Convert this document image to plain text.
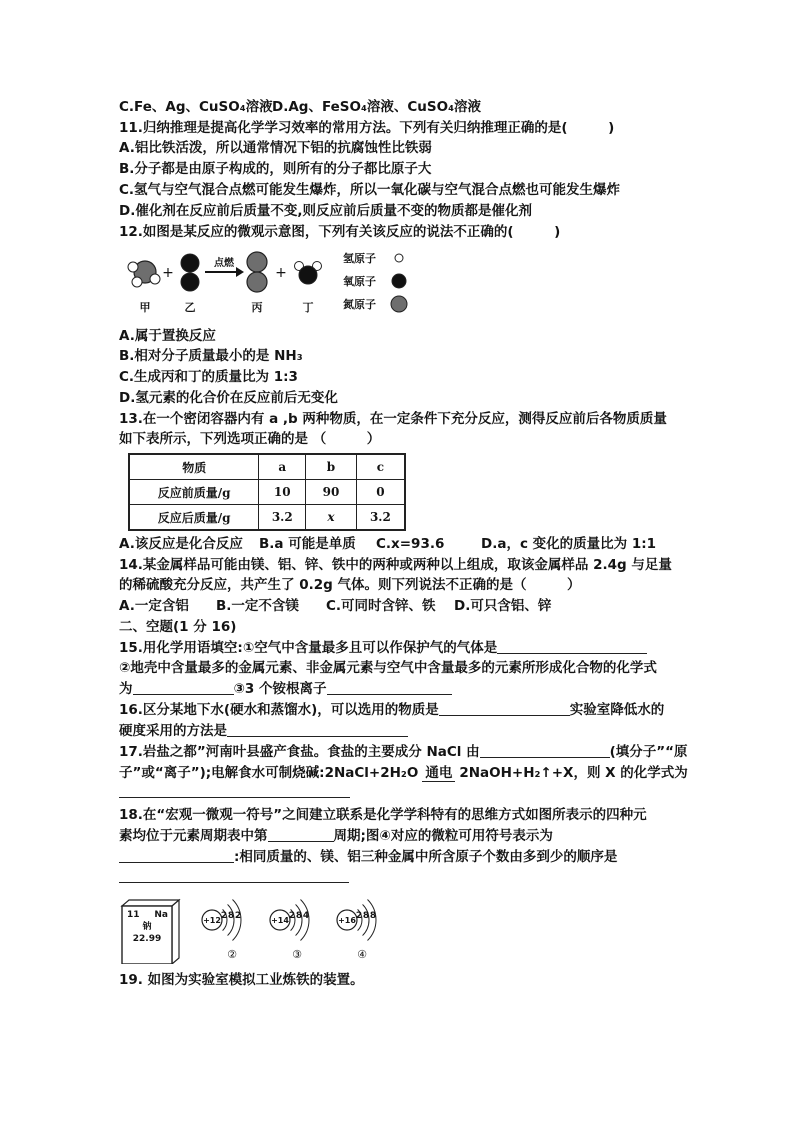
C.Fe、Ag、CuSO₄溶液 D.Ag、FeSO₄溶液、CuSO₄溶液
11.归纳推理是提高化学学习效率的常用方法。下列有关归纳推理正确的是(　　　)
A.铝比铁活泼，所以通常情况下铝的抗腐蚀性比铁弱
B.分子都是由原子构成的，则所有的分子都比原子大
C.氢气与空气混合点燃可能发生爆炸，所以一氧化碳与空气混合点燃也可能发生爆炸
D.催化剂在反应前后质量不变,则反应前后质量不变的物质都是催化剂
12.如图是某反应的微观示意图，下列有关该反应的说法不正确的(　　　)
+
点燃
+
甲	乙	丙	丁
氢原子
氧原子
氮原子
A.属于置换反应
B.相对分子质量最小的是 NH₃
C.生成丙和丁的质量比为 1:3
D.氢元素的化合价在反应前后无变化
13.在一个密闭容器内有 a ,b 两种物质，在一定条件下充分反应，测得反应前后各物质质量
如下表所示，下列选项正确的是 （　　　）
物质	a	b	c
反应前质量/g	10	90	0
反应后质量/g	3.2	x	3.2
A.该反应是化合反应 B.a 可能是单质 C.x=93.6	D.a，c 变化的质量比为 1:1
14.某金属样品可能由镁、铝、锌、铁中的两种或两种以上组成，取该金属样品 2.4g 与足量
的稀硫酸充分反应，共产生了 0.2g 气体。则下列说法不正确的是（　　　）
A.一定含铝 B.一定不含镁 C.可同时含锌、铁 D.可只含铝、锌
二、空题(1 分 16)
15.用化学用语填空:①空气中含量最多且可以作保护气的气体是
②地壳中含量最多的金属元素、非金属元素与空气中含量最多的元素所形成化合物的化学式
为	③3 个铵根离子
16.区分某地下水(硬水和蒸馏水)，可以选用的物质是	实验室降低水的
硬度采用的方法是
17.岩盐之都”河南叶县盛产食盐。食盐的主要成分 NaCl 由	(填分子”“原
子”或“离子”);电解食水可制烧碱:2NaCl+2H₂O 通电 2NaOH+H₂↑+X，则 X 的化学式为
18.在“宏观一微观一符号”之间建立联系是化学学科特有的思维方式如图所表示的四种元
素均位于元素周期表中第	周期;图④对应的微粒可用符号表示为
:相同质量的、镁、铝三种金属中所含原子个数由多到少的顺序是
11 Na
钠
22.99
+12 2 8 2
②
+14 2 8 4
③
+16 2 8 8
④
19. 如图为实验室模拟工业炼铁的装置。
